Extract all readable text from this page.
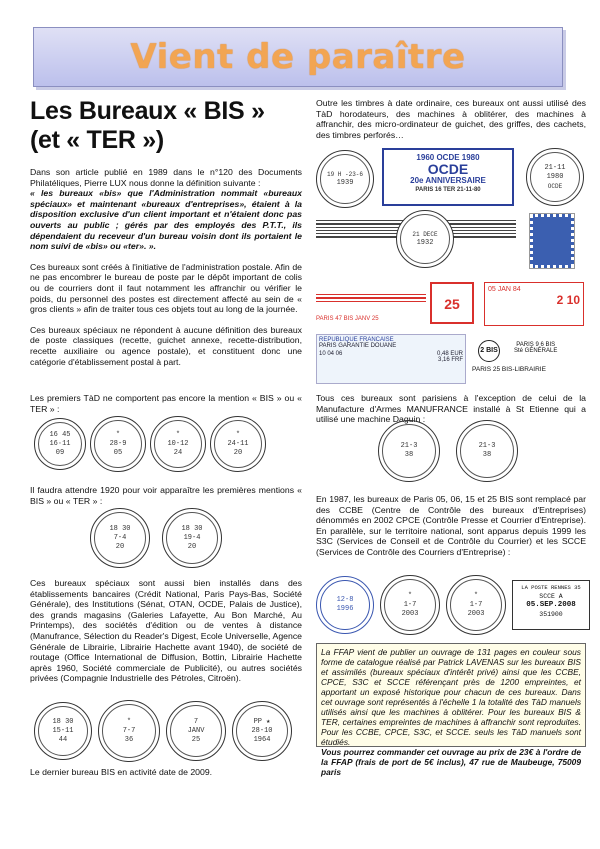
Vient de paraître
Les Bureaux « BIS »
(et « TER »)

Dans son article publié en 1989 dans le n°120 des Documents Philatéliques, Pierre LUX nous donne la définition suivante :
« les bureaux «bis» que l'Administration nommait «bureaux spéciaux» et maintenant «bureaux d'entreprises», étaient à la disposition exclusive d'un client important et n'étaient donc pas ouverts au public ; gérés par des employés des P.T.T., ils dépendaient du receveur d'un bureau voisin dont ils portaient le nom suivi de «bis» ou «ter». ».

Ces bureaux sont créés à l'initiative de l'administration postale. Afin de ne pas encombrer le bureau de poste par le dépôt important de colis ou de courriers dont il faut notamment les affranchir ou vérifier le poids, du personnel des postes est directement affecté au sein de « gros clients » afin de traiter tous ces objets tout au long de la journée.

Ces bureaux spéciaux ne répondent à aucune définition des bureaux de poste classiques (recette, guichet annexe, recette-distribution, recette auxiliaire ou agence postale), et constituent donc une catégorie d'établissement postal à part.

Les premiers TàD ne comportent pas encore la mention « BIS » ou « TER » :
16 45
16·11
09
*
28-9
05
*
10-12
24
*
24-11
20
Il faudra attendre 1920 pour voir apparaître les premières mentions « BIS » ou « TER » :
18 30
7-4
20
18 30
19-4
20
Ces bureaux spéciaux sont aussi bien installés dans des établissements bancaires (Crédit National, Paris Pays-Bas, Société Générale), des Institutions (Sénat, OTAN, OCDE, Palais de Justice), des grands magasins (Galeries Lafayette, Au Bon Marché, Au Printemps), des sociétés d'édition ou de ventes à distance (Manufrance, Sélection du Reader's Digest, Ecole Universelle, Agence Générale de Librairie, Librairie Hachette avant 1940), de société de routage (Office International de Diffusion, Bottin, Librairie Hachette après 1960, Société commerciale de Publicité), ou autres sociétés privées (Compagnie Industrielle des Pétroles, Citroën).
18 30
15-11
44
*
7-7
36
7
JANV
25
PP ★
28-10
1964
Le dernier bureau BIS en activité date de 2009.
Outre les timbres à date ordinaire, ces bureaux ont aussi utilisé des TàD horodateurs, des machines à oblitérer, des machines à affranchir, des micro-ordinateur de guichet, des griffes, des cachets, des timbres perforés…
19 H -23-6
1939
1960 OCDE 1980
OCDE
20e ANNIVERSAIRE
PARIS 16 TER 21-11-80
21-11
1980
OCDE
21 DECE
1932
25
PARIS 47 BIS JANV 25
05 JAN 84
2 10
REPUBLIQUE FRANCAISE
PARIS GARANTIE DOUANE
10 04 06	0,48 EUR
3,16 FRF
2 BIS
PARIS 25 BIS-LIBRAIRIE
PARIS 9 6 BIS
Sté GÉNÉRALE
Tous ces bureaux sont parisiens à l'exception de celui de la Manufacture d'Armes MANUFRANCE installé à St Etienne qui a utilisé une machine Daguin :
21-3
38
21-3
38
En 1987, les bureaux de Paris 05, 06, 15 et 25 BIS sont remplacé par des CCBE (Centre de Contrôle des bureaux d'Entreprises) dénommés en 2002 CPCE (Contrôle Presse et Courrier d'Entreprise). En parallèle, sur le territoire national, sont apparus depuis 1999 les S3C (Services de Conseil et de Contrôle du Courrier) et les SCCE (Services de Contrôle des Courriers d'Entreprise) :
12-8
1996
*
1-7
2003
*
1-7
2003
LA POSTE RENNES 35
SCCE A
05.SEP.2008
351900
La FFAP vient de publier un ouvrage de 131 pages en couleur sous forme de catalogue réalisé par Patrick LAVENAS sur les bureaux BIS et assimilés (bureaux spéciaux d'intérêt privé) ainsi que les CCBE, CPCE, S3C et SCCE référençant près de 1200 empreintes, et apportant un exposé historique pour chacun de ces bureaux. Dans cet ouvrage sont représentés à l'échelle 1 la totalité des TàD manuels utilisés ainsi que les machines à oblitérer. Pour les bureaux BIS & TER, certaines empreintes de machines à affranchir sont reproduites. Pour les CCBE, CPCE, S3C, et SCCE. seuls les TàD manuels sont étudiés.
Vous pourrez commander cet ouvrage au prix de 23€ à l'ordre de la FFAP (frais de port de 5€ inclus), 47 rue de Maubeuge, 75009 paris
